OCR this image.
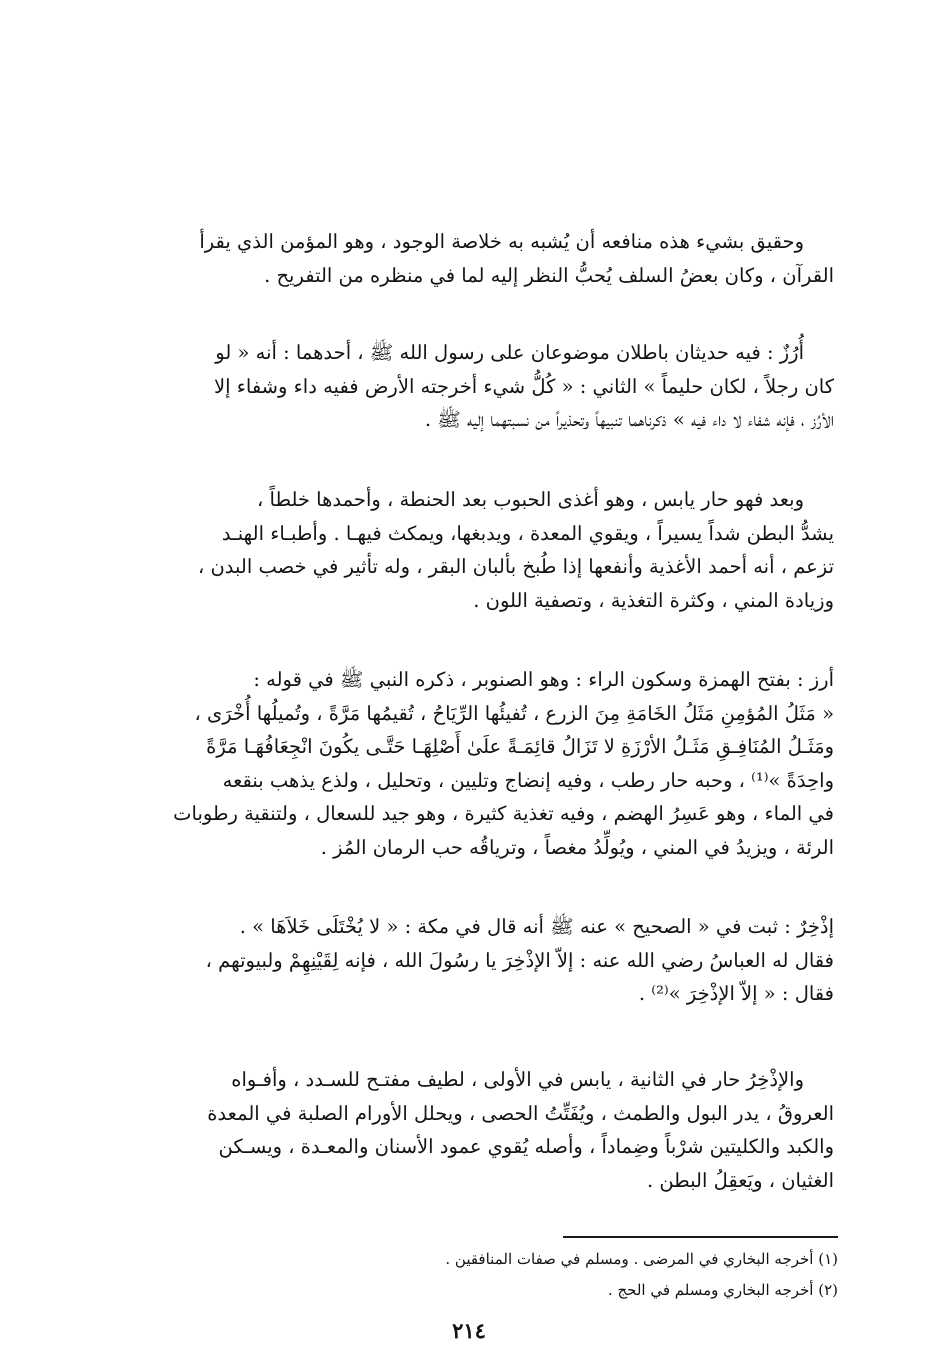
وحقيق بشيء هذه منافعه أن يُشبه به خلاصة الوجود ، وهو المؤمن الذي يقرأ

القرآن ، وكان بعضُ السلف يُحبُّ النظر إليه لما في منظره من التفريح .

أُرُزٌ : فيه حديثان باطلان موضوعان على رسول الله ﷺ ، أحدهما : أنه « لو

كان رجلاً ، لكان حليماً » الثاني : « كُلُّ شيء أخرجته الأرض ففيه داء وشفاء إلا

الأرُز ، فإنه شفاء لا داء فيه » ذكرناهما تنبيهاً وتحذيراً من نسبتهما إليه ﷺ .

وبعد فهو حار يابس ، وهو أغذى الحبوب بعد الحنطة ، وأحمدها خلطاً ،

يشدُّ البطن شداً يسيراً ، ويقوي المعدة ، ويدبغها، ويمكث فيهـا . وأطبـاء الهنـد

تزعم ، أنه أحمد الأغذية وأنفعها إذا طُبخ بألبان البقر ، وله تأثير في خصب البدن ،

وزيادة المني ، وكثرة التغذية ، وتصفية اللون .

أرز : بفتح الهمزة وسكون الراء : وهو الصنوبر ، ذكره النبي ﷺ في قوله :

« مَثَلُ المُؤمِنِ مَثَلُ الخَامَةِ مِنَ الزرع ، تُفيئُها الرِّيَاحُ ، تُقيمُها مَرَّةً ، وتُميلُها أُخْرَى ،

ومَثَـلُ المُنَافِـقِ مَثَـلُ الأرْزَةِ لا تَزَالُ قائِمَـةً علَىٰ أَصْلِهَـا حَتَّـى يكُونَ انْجِعَافُهَـا مَرَّةً

واحِدَةً »⁽¹⁾ ، وحبه حار رطب ، وفيه إنضاج وتليين ، وتحليل ، ولذع يذهب بنقعه

في الماء ، وهو عَسِرُ الهضم ، وفيه تغذية كثيرة ، وهو جيد للسعال ، ولتنقية رطوبات

الرئة ، ويزيدُ في المني ، ويُولِّدُ مغصاً ، وترياقُه حب الرمان المُز .

إذْخِرٌ : ثبت في « الصحيح » عنه ﷺ أنه قال في مكة : « لا يُخْتَلَى خَلاَهَا » .

فقال له العباسُ رضي الله عنه : إلاّ الإذْخِرَ يا رسُولَ الله ، فإنه لِقَيْنِهِمْ ولبيوتهم ،

فقال : « إلاّ الإذْخِرَ »⁽²⁾ .

والإذْخِرُ حار في الثانية ، يابس في الأولى ، لطيف مفتـح للسـدد ، وأفـواه

العروقُ ، يدر البول والطمث ، ويُفَتِّتُ الحصى ، ويحلل الأورام الصلبة في المعدة

والكبد والكليتين شرْباً وضِماداً ، وأصله يُقوي عمود الأسنان والمعـدة ، ويسـكن

الغثيان ، ويَعقِلُ البطن .

(١) أخرجه البخاري في المرضى . ومسلم في صفات المنافقين .
(٢) أخرجه البخاري ومسلم في الحج .
٢١٤
